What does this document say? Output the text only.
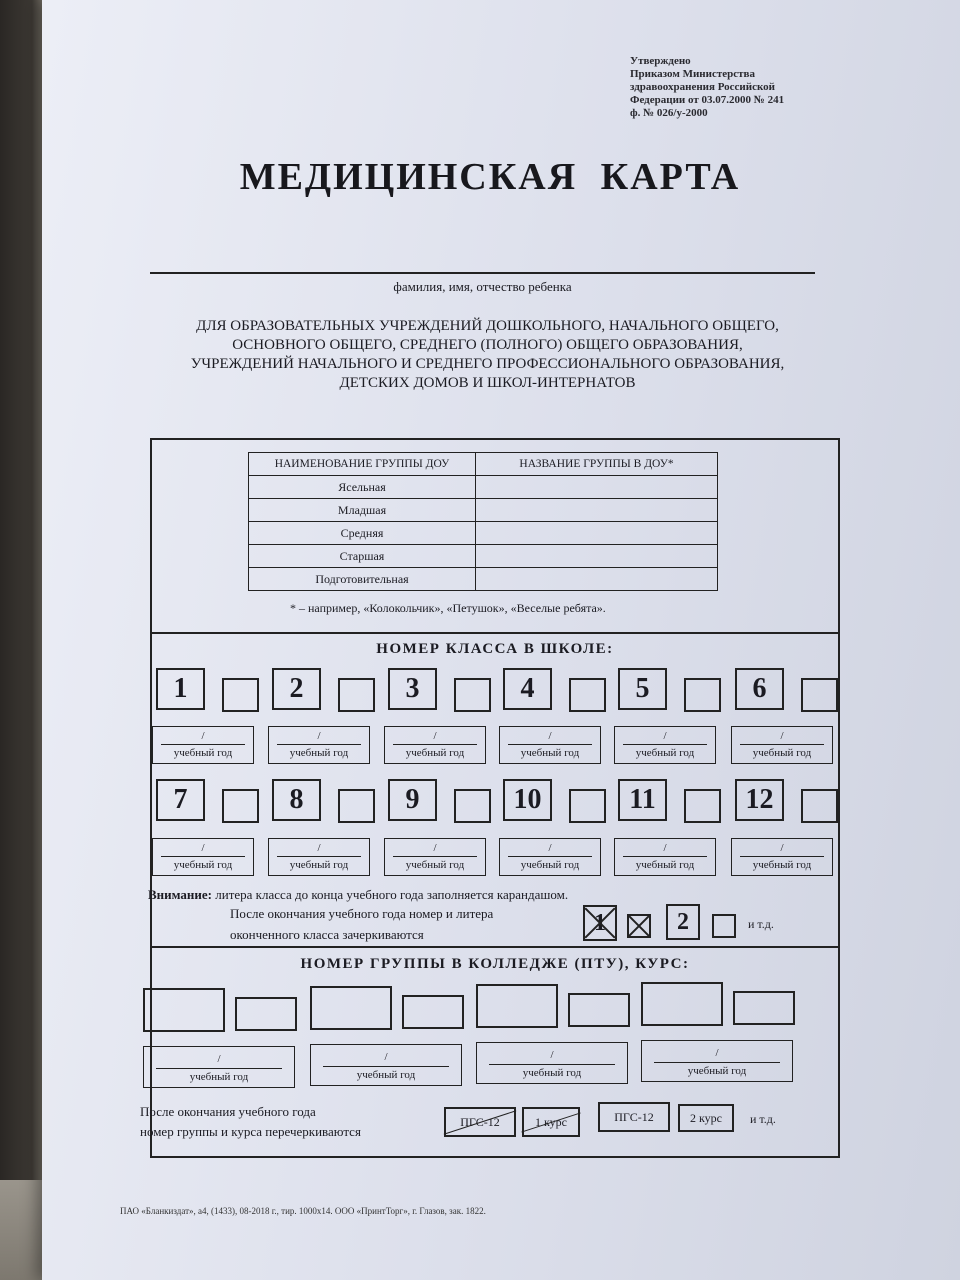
Утверждено
Приказом Министерства
здравоохранения Российской
Федерации от 03.07.2000 № 241
ф. № 026/у-2000
МЕДИЦИНСКАЯ КАРТА
фамилия, имя, отчество ребенка
ДЛЯ ОБРАЗОВАТЕЛЬНЫХ УЧРЕЖДЕНИЙ ДОШКОЛЬНОГО, НАЧАЛЬНОГО ОБЩЕГО,
ОСНОВНОГО ОБЩЕГО, СРЕДНЕГО (ПОЛНОГО) ОБЩЕГО ОБРАЗОВАНИЯ,
УЧРЕЖДЕНИЙ НАЧАЛЬНОГО И СРЕДНЕГО ПРОФЕССИОНАЛЬНОГО ОБРАЗОВАНИЯ,
ДЕТСКИХ ДОМОВ И ШКОЛ-ИНТЕРНАТОВ
НАИМЕНОВАНИЕ ГРУППЫ ДОУ	НАЗВАНИЕ ГРУППЫ В ДОУ*
Ясельная	
Младшая	
Средняя	
Старшая	
Подготовительная	
* – например, «Колокольчик», «Петушок», «Веселые ребята».
НОМЕР КЛАССА В ШКОЛЕ:
1
/
учебный год
2
/
учебный год
3
/
учебный год
4
/
учебный год
5
/
учебный год
6
/
учебный год
7
/
учебный год
8
/
учебный год
9
/
учебный год
10
/
учебный год
11
/
учебный год
12
/
учебный год
Внимание: литера класса до конца учебного года заполняется карандашом.
После окончания учебного года номер и литера
оконченного класса зачеркиваются	1	2	и т.д.
НОМЕР ГРУППЫ В КОЛЛЕДЖЕ (ПТУ), КУРС:
/
учебный год
/
учебный год
/
учебный год
/
учебный год
После окончания учебного года
номер группы и курса перечеркиваются
ПГС-12	1 курс	ПГС-12	2 курс	и т.д.
ПАО «Бланкиздат», а4, (1433), 08-2018 г., тир. 1000х14. ООО «ПринтТорг», г. Глазов, зак. 1822.
